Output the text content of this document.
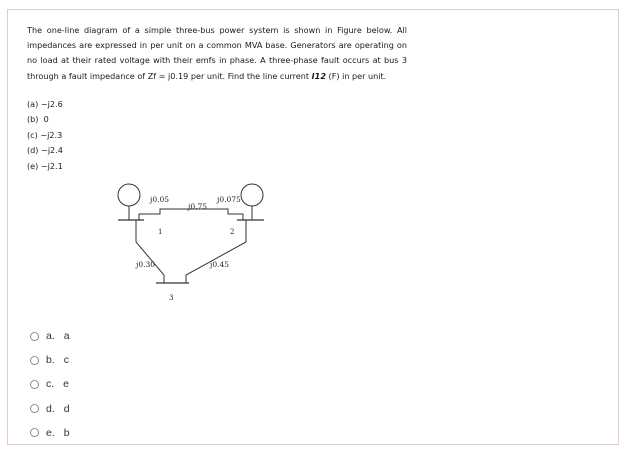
The one-line diagram of a simple three-bus power system is shown in Figure below. All impedances are expressed in per unit on a common MVA base. Generators are operating on no load at their rated voltage with their emfs in phase. A three-phase fault occurs at bus 3 through a fault impedance of Zf = j0.19 per unit. Find the line current I12 (F) in per unit.

(a) −j2.6
(b) 0
(c) −j2.3
(d) −j2.4
(e) −j2.1
j0.05	j0.075
j0.75
j0.30	j0.45
1	2
3
a. a
b. c
c. e
d. d
e. b
